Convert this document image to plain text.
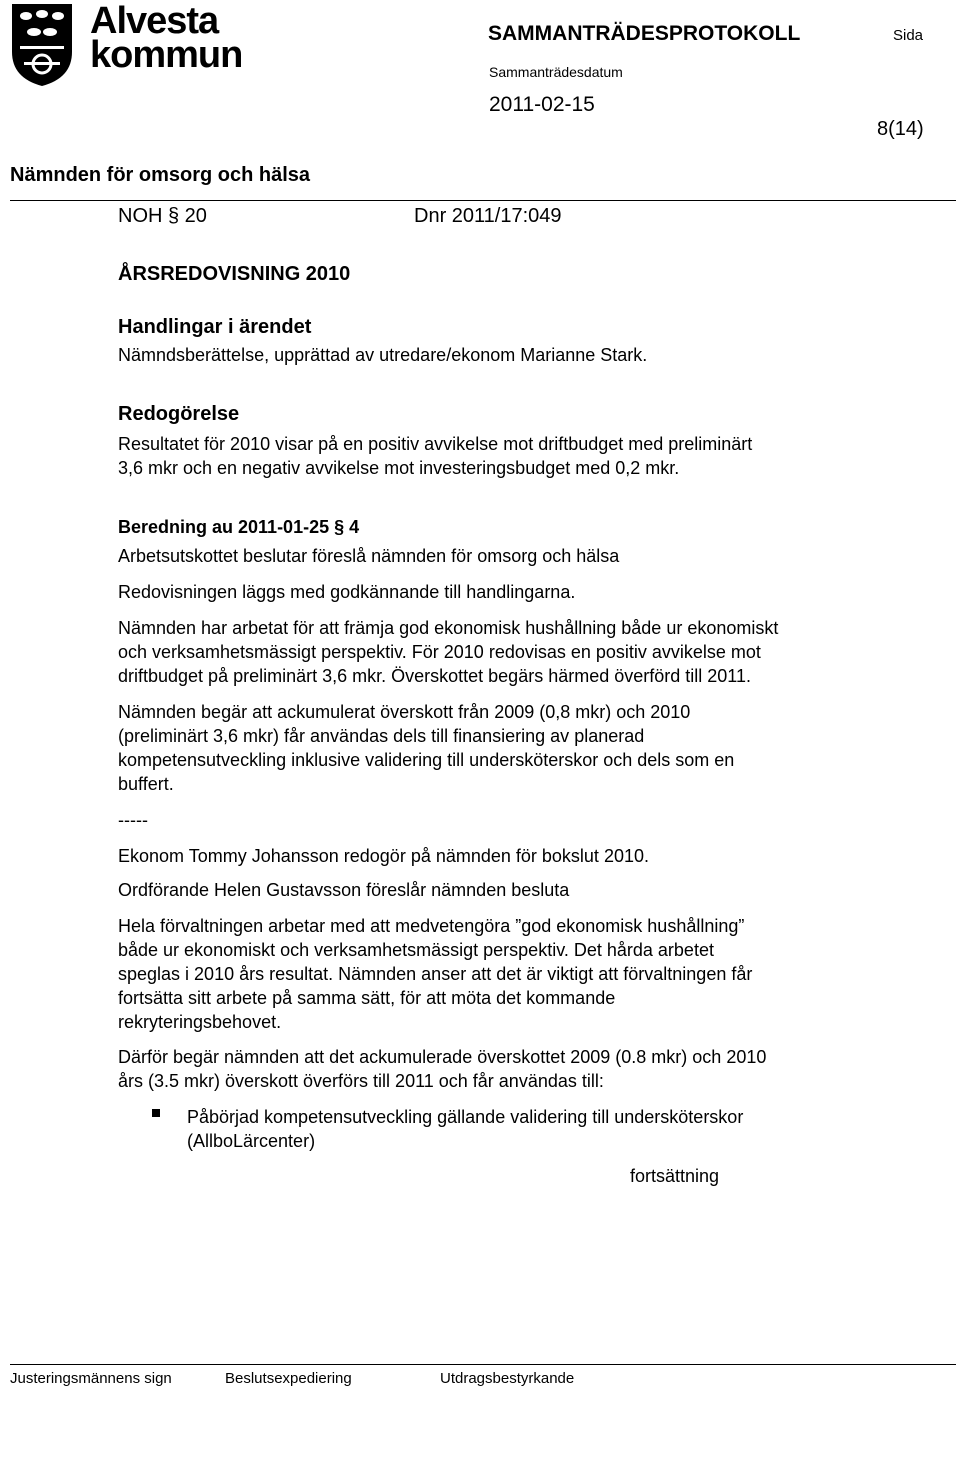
Alvesta
kommun
SAMMANTRÄDESPROTOKOLL	Sida
Sammanträdesdatum
2011-02-15
8(14)
Nämnden för omsorg och hälsa
NOH § 20	Dnr 2011/17:049
ÅRSREDOVISNING 2010
Handlingar i ärendet
Nämndsberättelse, upprättad av utredare/ekonom Marianne Stark.
Redogörelse
Resultatet för 2010 visar på en positiv avvikelse mot driftbudget med preliminärt
3,6 mkr och en negativ avvikelse mot investeringsbudget med 0,2 mkr.
Beredning au 2011-01-25 § 4
Arbetsutskottet beslutar föreslå nämnden för omsorg och hälsa
Redovisningen läggs med godkännande till handlingarna.
Nämnden har arbetat för att främja god ekonomisk hushållning både ur ekonomiskt
och verksamhetsmässigt perspektiv. För 2010 redovisas en positiv avvikelse mot
driftbudget på preliminärt 3,6 mkr. Överskottet begärs härmed överförd till 2011.
Nämnden begär att ackumulerat överskott från 2009 (0,8 mkr) och 2010
(preliminärt 3,6 mkr) får användas dels till finansiering av planerad
kompetensutveckling inklusive validering till undersköterskor och dels som en
buffert.
-----
Ekonom Tommy Johansson redogör på nämnden för bokslut 2010.
Ordförande Helen Gustavsson föreslår nämnden besluta
Hela förvaltningen arbetar med att medvetengöra ”god ekonomisk hushållning”
både ur ekonomiskt och verksamhetsmässigt perspektiv. Det hårda arbetet
speglas i 2010 års resultat. Nämnden anser att det är viktigt att förvaltningen får
fortsätta sitt arbete på samma sätt, för att möta det kommande
rekryteringsbehovet.
Därför begär nämnden att det ackumulerade överskottet 2009 (0.8 mkr) och 2010
års (3.5 mkr) överskott överförs till 2011 och får användas till:
Påbörjad kompetensutveckling gällande validering till undersköterskor
(AllboLärcenter)
fortsättning
Justeringsmännens sign	Beslutsexpediering	Utdragsbestyrkande
